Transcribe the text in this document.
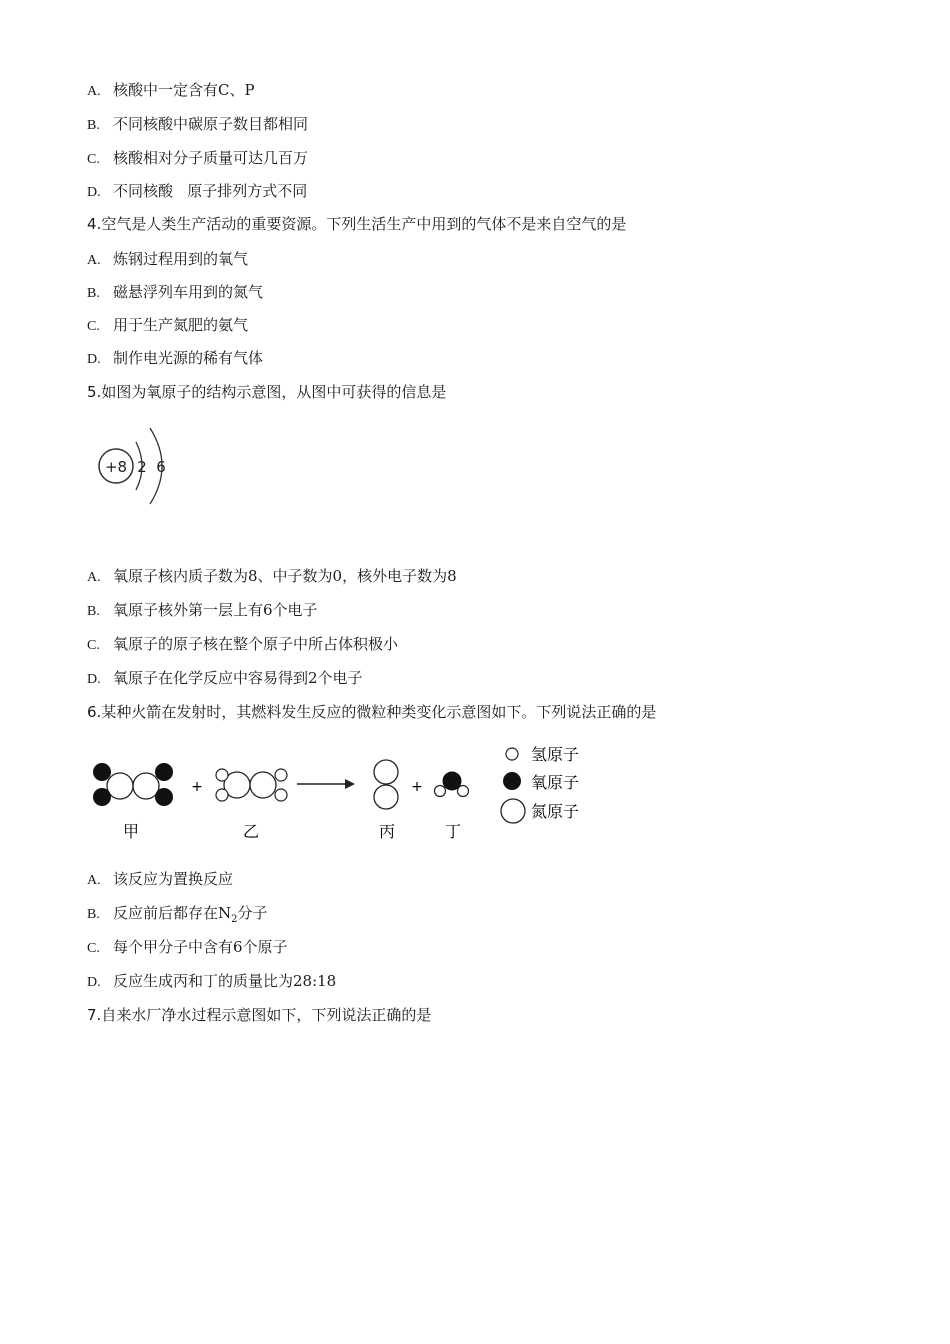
A. 核酸中一定含有C、P
B. 不同核酸中碳原子数目都相同
C. 核酸相对分子质量可达几百万
D. 不同核酸   原子排列方式不同
4.空气是人类生产活动的重要资源。下列生活生产中用到的气体不是来自空气的是
A. 炼钢过程用到的氧气
B. 磁悬浮列车用到的氮气
C. 用于生产氮肥的氨气
D. 制作电光源的稀有气体
5.如图为氧原子的结构示意图，从图中可获得的信息是
+8 2 6
A. 氧原子核内质子数为8、中子数为0，核外电子数为8
B. 氧原子核外第一层上有6个电子
C. 氧原子的原子核在整个原子中所占体积极小
D. 氧原子在化学反应中容易得到2个电子
6.某种火箭在发射时，其燃料发生反应的微粒种类变化示意图如下。下列说法正确的是
+	+
甲	乙	丙	丁
氢原子
氧原子
氮原子
A. 该反应为置换反应
B. 反应前后都存在$N_2$分子
C. 每个甲分子中含有6个原子
D. 反应生成丙和丁的质量比为28:18
7.自来水厂净水过程示意图如下，下列说法正确的是
